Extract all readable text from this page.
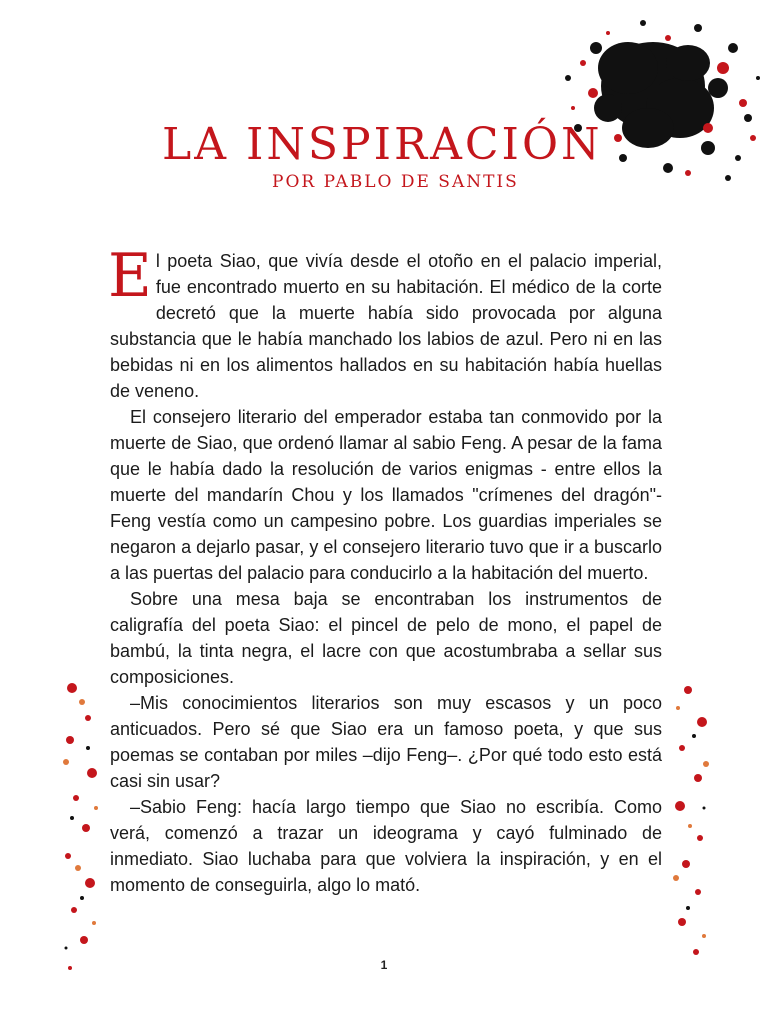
LA INSPIRACIÓN

POR PABLO DE SANTIS

El poeta Siao, que vivía desde el otoño en el palacio imperial, fue encontrado muerto en su habitación. El médico de la corte decretó que la muerte había sido provocada por alguna substancia que le había manchado los labios de azul. Pero ni en las bebidas ni en los alimentos hallados en su habitación había huellas de veneno.

El consejero literario del emperador estaba tan conmovido por la muerte de Siao, que ordenó llamar al sabio Feng. A pesar de la fama que le había dado la resolución de varios enigmas - entre ellos la muerte del mandarín Chou y los llamados "crímenes del dragón"- Feng vestía como un campesino pobre. Los guardias imperiales se negaron a dejarlo pasar, y el consejero literario tuvo que ir a buscarlo a las puertas del palacio para conducirlo a la habitación del muerto.

Sobre una mesa baja se encontraban los instrumentos de caligrafía del poeta Siao: el pincel de pelo de mono, el papel de bambú, la tinta negra, el lacre con que acostumbraba a sellar sus composiciones.

–Mis conocimientos literarios son muy escasos y un poco anticuados. Pero sé que Siao era un famoso poeta, y que sus poemas se contaban por miles –dijo Feng–. ¿Por qué todo esto está casi sin usar?

–Sabio Feng: hacía largo tiempo que Siao no escribía. Como verá, comenzó a trazar un ideograma y cayó fulminado de inmediato. Siao luchaba para que volviera la inspiración, y en el momento de conseguirla, algo lo mató.

1
